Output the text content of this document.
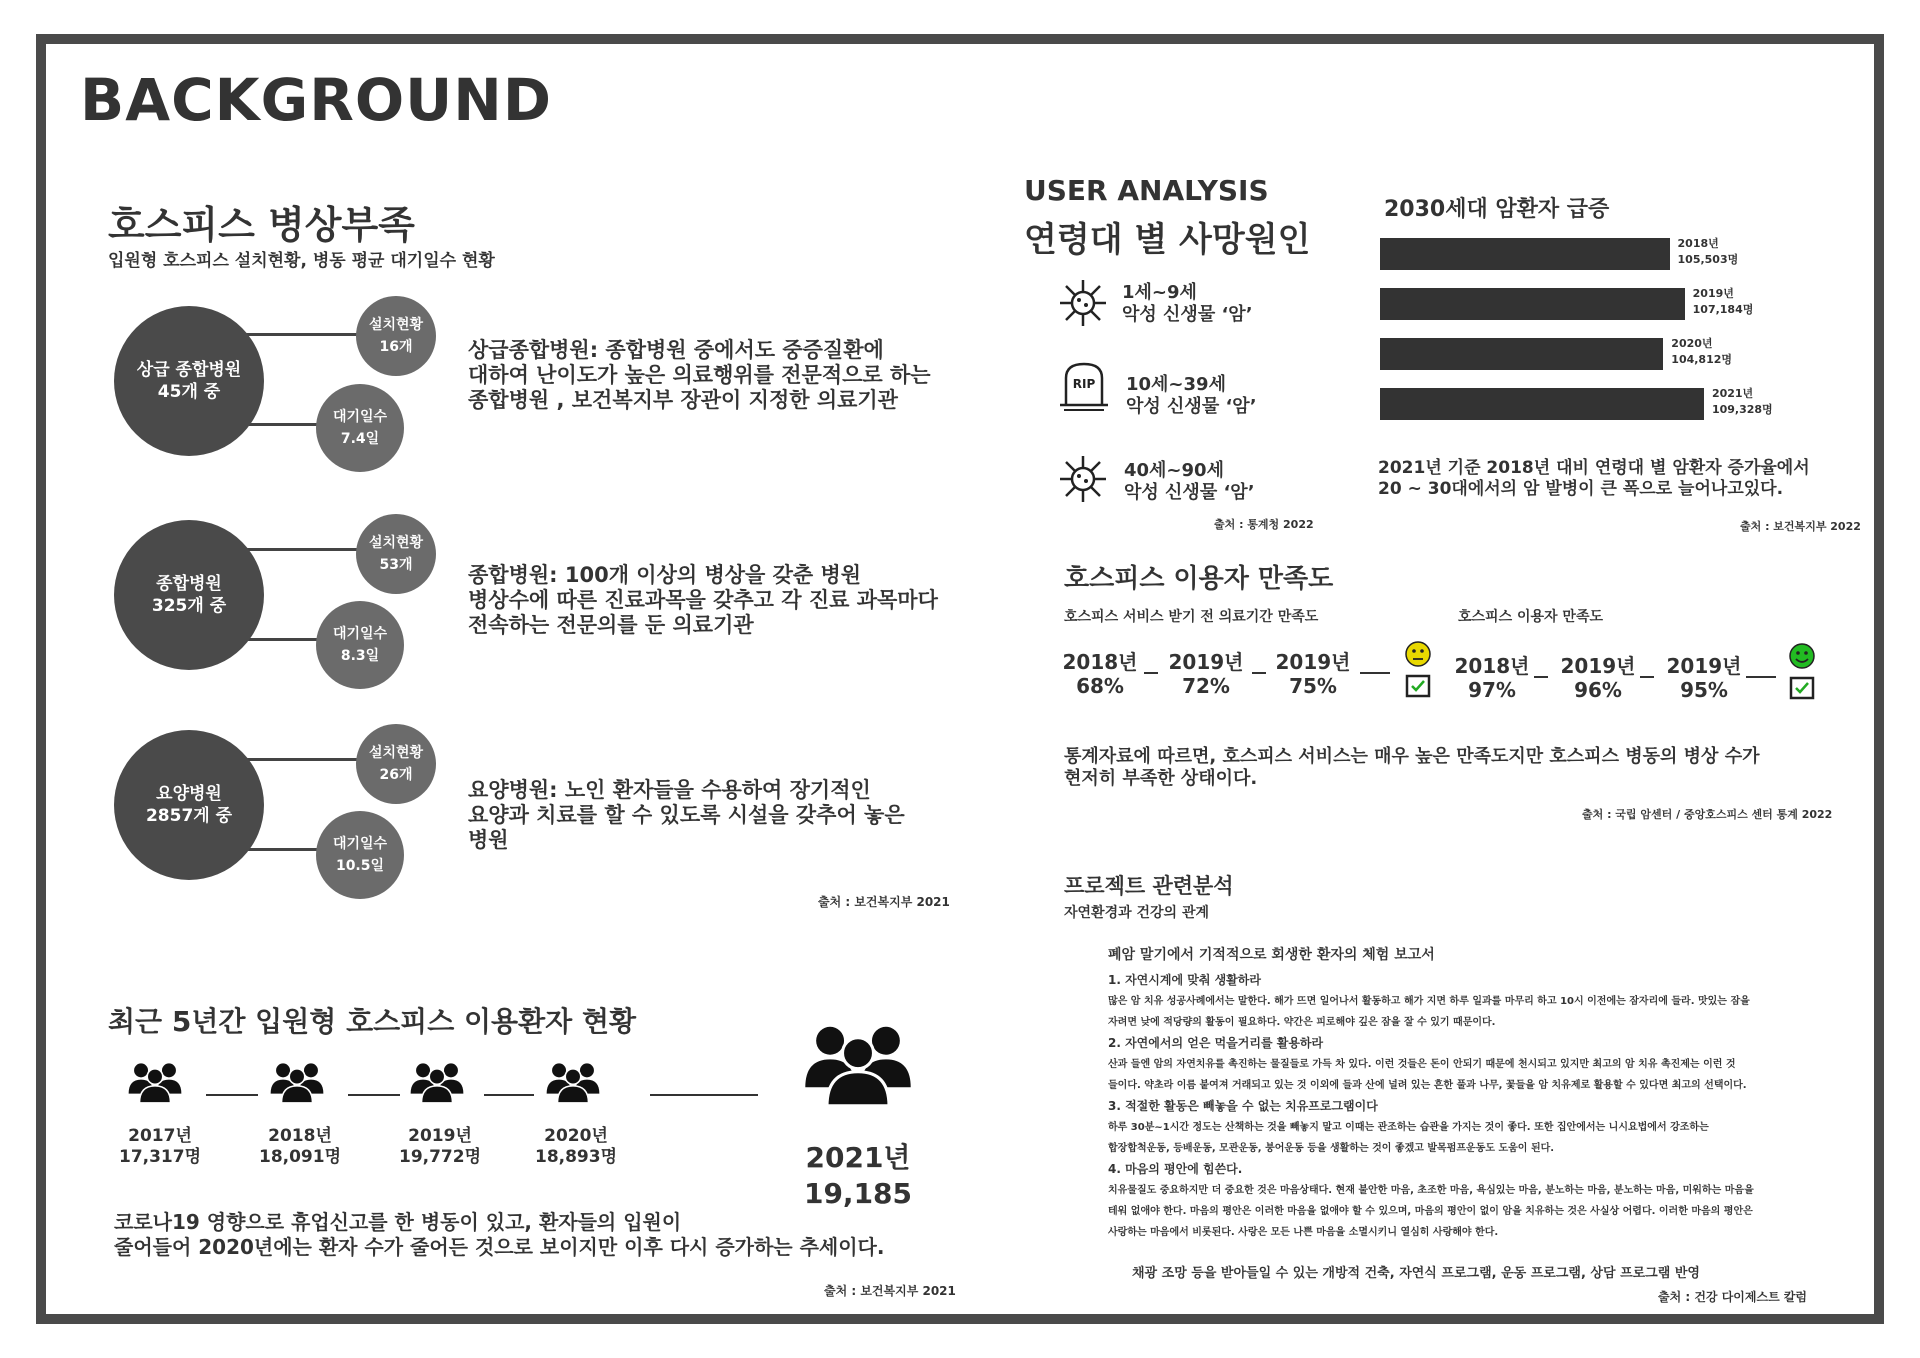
BACKGROUND
호스피스 병상부족
입원형 호스피스 설치현황, 병동 평균 대기일수 현황
상급 종합병원
45개 중
설치현황
16개
대기일수
7.4일
상급종합병원: 종합병원 중에서도 중증질환에
대하여 난이도가 높은 의료행위를 전문적으로 하는
종합병원 , 보건복지부 장관이 지정한 의료기관
종합병원
325개 중
설치현황
53개
대기일수
8.3일
종합병원: 100개 이상의 병상을 갖춘 병원
병상수에 따른 진료과목을 갖추고 각 진료 과목마다
전속하는 전문의를 둔 의료기관
요양병원
2857게 중
설치현황
26개
대기일수
10.5일
요양병원: 노인 환자들을 수용하여 장기적인
요양과 치료를 할 수 있도록 시설을 갖추어 놓은
병원
출처 : 보건복지부 2021
최근 5년간 입원형 호스피스 이용환자 현황
2017년
17,317명
2018년
18,091명
2019년
19,772명
2020년
18,893명	2021년
19,185
코로나19 영향으로 휴업신고를 한 병동이 있고, 환자들의 입원이
줄어들어 2020년에는 환자 수가 줄어든 것으로 보이지만 이후 다시 증가하는 추세이다.
출처 : 보건복지부 2021
USER ANALYSIS
연령대 별 사망원인
1세~9세
악성 신생물 ‘암’
RIP 10세~39세
악성 신생물 ‘암’
40세~90세
악성 신생물 ‘암’
출처 : 통계청 2022
2030세대 암환자 급증
2018년
105,503명
2019년
107,184명
2020년
104,812명
2021년
109,328명
2021년 기준 2018년 대비 연령대 별 암환자 증가율에서
20 ~ 30대에서의 암 발병이 큰 폭으로 늘어나고있다.
출처 : 보건복지부 2022
호스피스 이용자 만족도
호스피스 서비스 받기 전 의료기간 만족도	호스피스 이용자 만족도
2018년
68%
2019년
72%
2019년
75%
2018년
97%
2019년
96%
2019년
95%
통계자료에 따르면, 호스피스 서비스는 매우 높은 만족도지만 호스피스 병동의 병상 수가
현저히 부족한 상태이다.
출처 : 국립 암센터 / 중앙호스피스 센터 통계 2022
프로젝트 관련분석
자연환경과 건강의 관계
폐암 말기에서 기적적으로 회생한 환자의 체험 보고서
1. 자연시계에 맞춰 생활하라
많은 암 치유 성공사례에서는 말한다. 해가 뜨면 일어나서 활동하고 해가 지면 하루 일과를 마무리 하고 10시 이전에는 잠자리에 들라. 맛있는 잠을
자려면 낮에 적당량의 활동이 필요하다. 약간은 피로해야 깊은 잠을 잘 수 있기 때문이다.
2. 자연에서의 얻은 먹을거리를 활용하라
산과 들엔 암의 자연치유를 촉진하는 물질들로 가득 차 있다. 이런 것들은 돈이 안되기 때문에 천시되고 있지만 최고의 암 치유 촉진제는 이런 것
들이다. 약초라 이름 붙여져 거래되고 있는 것 이외에 들과 산에 널려 있는 흔한 풀과 나무, 꽃들을 암 치유제로 활용할 수 있다면 최고의 선택이다.
3. 적절한 활동은 빼놓을 수 없는 치유프로그램이다
하루 30분~1시간 정도는 산책하는 것을 빼놓지 말고 이때는 관조하는 습관을 가지는 것이 좋다. 또한 집안에서는 니시요법에서 강조하는
합장합척운동, 등배운동, 모관운동, 붕어운동 등을 생활하는 것이 좋겠고 발목펌프운동도 도움이 된다.
4. 마음의 평안에 힘쓴다.
치유물질도 중요하지만 더 중요한 것은 마음상태다. 현재 불안한 마음, 초조한 마음, 욕심있는 마음, 분노하는 마음, 분노하는 마음, 미워하는 마음을
테워 없애야 한다. 마음의 평안은 이러한 마음을 없애야 할 수 있으며, 마음의 평안이 없이 암을 치유하는 것은 사실상 어렵다. 이러한 마음의 평안은
사랑하는 마음에서 비롯된다. 사랑은 모든 나쁜 마음을 소멸시키니 열심히 사랑해야 한다.
채광 조망 등을 받아들일 수 있는 개방적 건축, 자연식 프로그램, 운동 프로그램, 상담 프로그램 반영
출처 : 건강 다이제스트 칼럼
